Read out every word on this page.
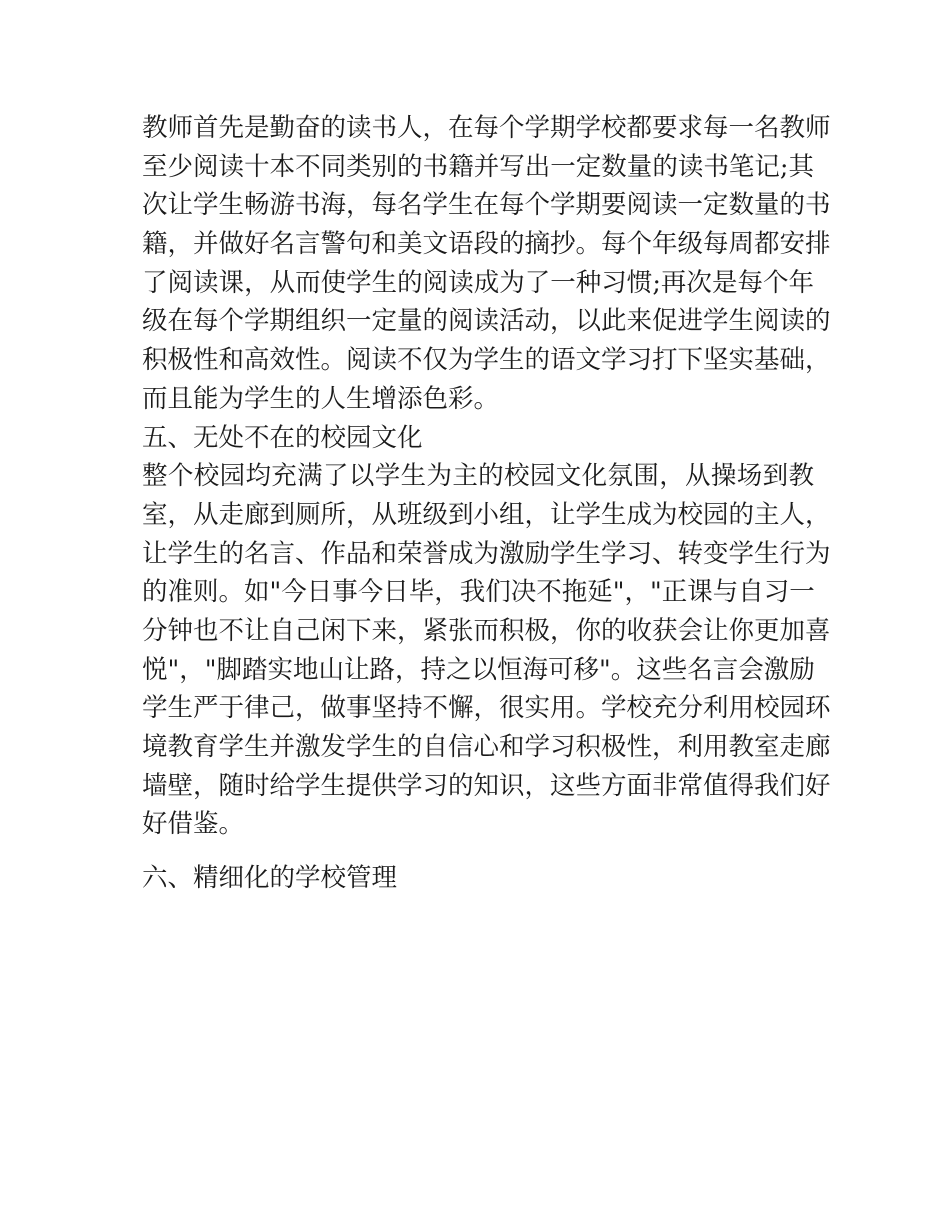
教师首先是勤奋的读书人，在每个学期学校都要求每一名教师
至少阅读十本不同类别的书籍并写出一定数量的读书笔记;其
次让学生畅游书海，每名学生在每个学期要阅读一定数量的书
籍，并做好名言警句和美文语段的摘抄。每个年级每周都安排
了阅读课，从而使学生的阅读成为了一种习惯;再次是每个年
级在每个学期组织一定量的阅读活动，以此来促进学生阅读的
积极性和高效性。阅读不仅为学生的语文学习打下坚实基础，
而且能为学生的人生增添色彩。
五、无处不在的校园文化
整个校园均充满了以学生为主的校园文化氛围，从操场到教
室，从走廊到厕所，从班级到小组，让学生成为校园的主人，
让学生的名言、作品和荣誉成为激励学生学习、转变学生行为
的准则。如"今日事今日毕，我们决不拖延"，"正课与自习一
分钟也不让自己闲下来，紧张而积极，你的收获会让你更加喜
悦"，"脚踏实地山让路，持之以恒海可移"。这些名言会激励
学生严于律己，做事坚持不懈，很实用。学校充分利用校园环
境教育学生并激发学生的自信心和学习积极性，利用教室走廊
墙壁，随时给学生提供学习的知识，这些方面非常值得我们好
好借鉴。
六、精细化的学校管理
